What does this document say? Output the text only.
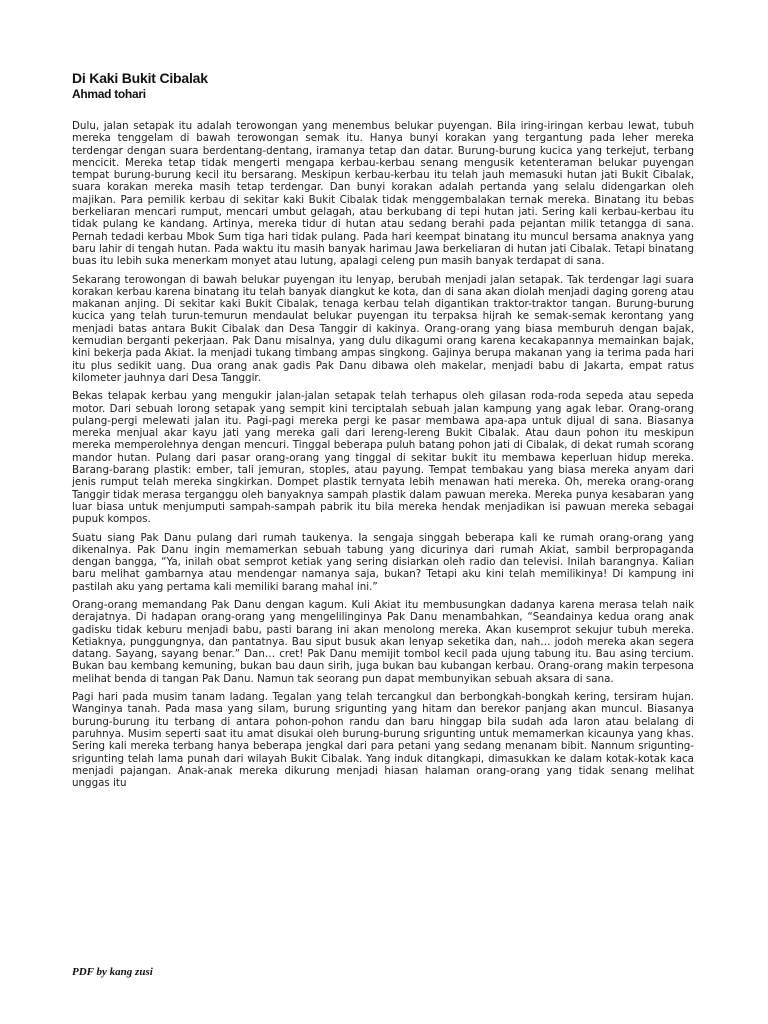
Di Kaki Bukit Cibalak
Ahmad tohari

Dulu, jalan setapak itu adalah terowongan yang menembus belukar puyengan. Bila iring-iringan kerbau lewat, tubuh mereka tenggelam di bawah terowongan semak itu. Hanya bunyi korakan yang tergantung pada leher mereka terdengar dengan suara berdentang-dentang, iramanya tetap dan datar. Burung-burung kucica yang terkejut, terbang mencicit. Mereka tetap tidak mengerti mengapa kerbau-kerbau senang mengusik ketenteraman belukar puyengan tempat burung-burung kecil itu bersarang. Meskipun kerbau-kerbau itu telah jauh memasuki hutan jati Bukit Cibalak, suara korakan mereka masih tetap terdengar. Dan bunyi korakan adalah pertanda yang selalu didengarkan oleh majikan. Para pemilik kerbau di sekitar kaki Bukit Cibalak tidak menggembalakan ternak mereka. Binatang itu bebas berkeliaran mencari rumput, mencari umbut gelagah, atau berkubang di tepi hutan jati. Sering kali kerbau-kerbau itu tidak pulang ke kandang. Artinya, mereka tidur di hutan atau sedang berahi pada pejantan milik tetangga di sana. Pernah tedadi kerbau Mbok Sum tiga hari tidak pulang. Pada hari keempat binatang itu muncul bersama anaknya yang baru lahir di tengah hutan. Pada waktu itu masih banyak harimau Jawa berkeliaran di hutan jati Cibalak. Tetapi binatang buas itu lebih suka menerkam monyet atau lutung, apalagi celeng pun masih banyak terdapat di sana.

Sekarang terowongan di bawah belukar puyengan itu lenyap, berubah menjadi jalan setapak. Tak terdengar lagi suara korakan kerbau karena binatang itu telah banyak diangkut ke kota, dan di sana akan diolah menjadi daging goreng atau makanan anjing. Di sekitar kaki Bukit Cibalak, tenaga kerbau telah digantikan traktor-traktor tangan. Burung-burung kucica yang telah turun-temurun mendaulat belukar puyengan itu terpaksa hijrah ke semak-semak kerontang yang menjadi batas antara Bukit Cibalak dan Desa Tanggir di kakinya. Orang-orang yang biasa memburuh dengan bajak, kemudian berganti pekerjaan. Pak Danu misalnya, yang dulu dikagumi orang karena kecakapannya memainkan bajak, kini bekerja pada Akiat. Ia menjadi tukang timbang ampas singkong. Gajinya berupa makanan yang ia terima pada hari itu plus sedikit uang. Dua orang anak gadis Pak Danu dibawa oleh makelar, menjadi babu di Jakarta, empat ratus kilometer jauhnya dari Desa Tanggir.

Bekas telapak kerbau yang mengukir jalan-jalan setapak telah terhapus oleh gilasan roda-roda sepeda atau sepeda motor. Dari sebuah lorong setapak yang sempit kini terciptalah sebuah jalan kampung yang agak lebar. Orang-orang pulang-pergi melewati jalan itu. Pagi-pagi mereka pergi ke pasar membawa apa-apa untuk dijual di sana. Biasanya mereka menjual akar kayu jati yang mereka gali dari lereng-lereng Bukit Cibalak. Atau daun pohon itu meskipun mereka memperolehnya dengan mencuri. Tinggal beberapa puluh batang pohon jati di Cibalak, di dekat rumah scorang mandor hutan. Pulang dari pasar orang-orang yang tinggal di sekitar bukit itu membawa keperluan hidup mereka. Barang-barang plastik: ember, tali jemuran, stoples, atau payung. Tempat tembakau yang biasa mereka anyam dari jenis rumput telah mereka singkirkan. Dompet plastik ternyata lebih menawan hati mereka. Oh, mereka orang-orang Tanggir tidak merasa terganggu oleh banyaknya sampah plastik dalam pawuan mereka. Mereka punya kesabaran yang luar biasa untuk menjumputi sampah-sampah pabrik itu bila mereka hendak menjadikan isi pawuan mereka sebagai pupuk kompos.

Suatu siang Pak Danu pulang dari rumah taukenya. Ia sengaja singgah beberapa kali ke rumah orang-orang yang dikenalnya. Pak Danu ingin memamerkan sebuah tabung yang dicurinya dari rumah Akiat, sambil berpropaganda dengan bangga, “Ya, inilah obat semprot ketiak yang sering disiarkan oleh radio dan televisi. Inilah barangnya. Kalian baru melihat gambarnya atau mendengar namanya saja, bukan? Tetapi aku kini telah memilikinya! Di kampung ini pastilah aku yang pertama kali memiliki barang mahal ini.”

Orang-orang memandang Pak Danu dengan kagum. Kuli Akiat itu membusungkan dadanya karena merasa telah naik derajatnya. Di hadapan orang-orang yang mengelilinginya Pak Danu menambahkan, “Seandainya kedua orang anak gadisku tidak keburu menjadi babu, pasti barang ini akan menolong mereka. Akan kusemprot sekujur tubuh mereka. Ketiaknya, punggungnya, dan pantatnya. Bau siput busuk akan lenyap seketika dan, nah… jodoh mereka akan segera datang. Sayang, sayang benar.” Dan… cret! Pak Danu memijit tombol kecil pada ujung tabung itu. Bau asing tercium. Bukan bau kembang kemuning, bukan bau daun sirih, juga bukan bau kubangan kerbau. Orang-orang makin terpesona melihat benda di tangan Pak Danu. Namun tak seorang pun dapat membunyikan sebuah aksara di sana.

Pagi hari pada musim tanam ladang. Tegalan yang telah tercangkul dan berbongkah-bongkah kering, tersiram hujan. Wanginya tanah. Pada masa yang silam, burung srigunting yang hitam dan berekor panjang akan muncul. Biasanya burung-burung itu terbang di antara pohon-pohon randu dan baru hinggap bila sudah ada laron atau belalang di paruhnya. Musim seperti saat itu amat disukai oleh burung-burung srigunting untuk memamerkan kicaunya yang khas. Sering kali mereka terbang hanya beberapa jengkal dari para petani yang sedang menanam bibit. Nannum srigunting-srigunting telah lama punah dari wilayah Bukit Cibalak. Yang induk ditangkapi, dimasukkan ke dalam kotak-kotak kaca menjadi pajangan. Anak-anak mereka dikurung menjadi hiasan halaman orang-orang yang tidak senang melihat unggas itu

PDF by kang zusi
